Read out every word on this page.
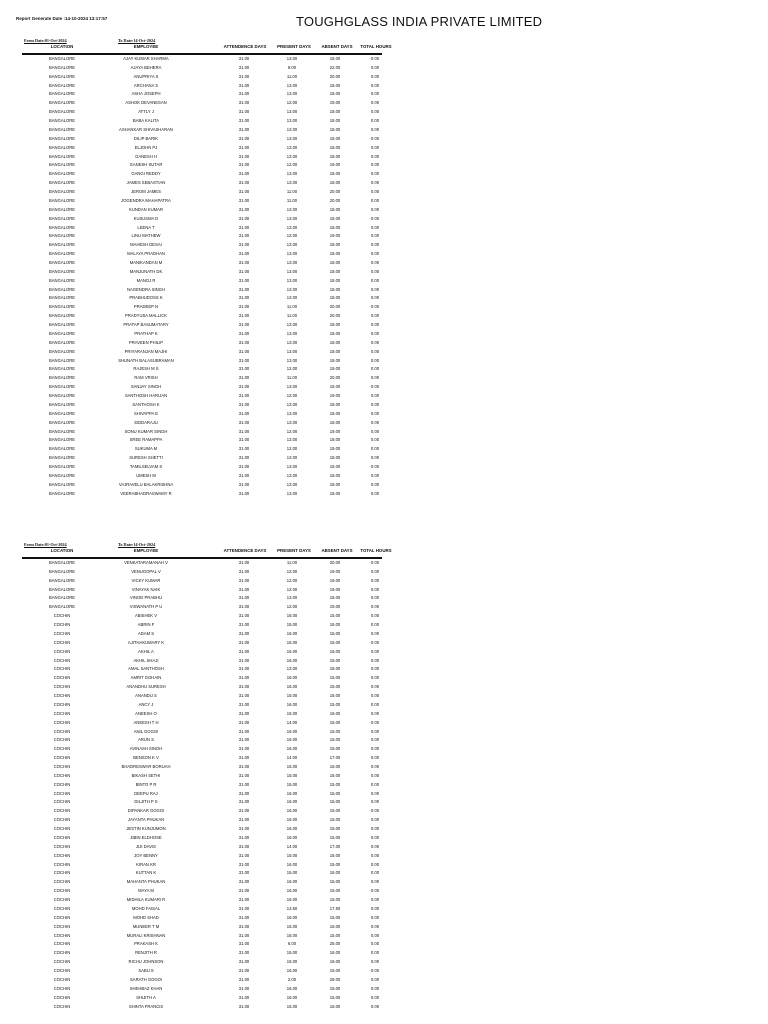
Report Generate Date :14-10-2024 13:17:57	TOUGHGLASS INDIA PRIVATE LIMITED
From Date:01-Oct-2024	To Date:14-Oct-2024
LOCATION	EMPLOYEE	ATTENDENCE DAYS	PRESENT DAYS	ABSENT DAYS	TOTAL HOURS
BANGALORE	AJAY KUMAR SHARMA	31.00	13.00	18.00	0.00
BANGALORE	AJAYA BEHERA	31.00	9.00	22.00	0.00
BANGALORE	ANUPRIYA S	31.00	11.00	20.00	0.00
BANGALORE	ARCHANA S	31.00	13.00	18.00	0.00
BANGALORE	ASHA JOSEPH	31.00	13.00	18.00	0.00
BANGALORE	ASHOK DEVANESAN	31.00	12.00	19.00	0.00
BANGALORE	ATTLY J	31.00	13.00	18.00	0.00
BANGALORE	BABA KALITA	31.00	13.00	18.00	0.00
BANGALORE	ASHANKAR SHIVASHARAN	31.00	13.00	18.00	0.00
BANGALORE	DILIP BARIK	31.00	13.00	18.00	0.00
BANGALORE	ELJOHN PJ	31.00	13.00	18.00	0.00
BANGALORE	GANESH H	31.00	13.00	18.00	0.00
BANGALORE	GANESH SUTAR	31.00	12.00	19.00	0.00
BANGALORE	GANGI REDDY	31.00	13.00	18.00	0.00
BANGALORE	JAMES SEBASTIAN	31.00	13.00	18.00	0.00
BANGALORE	JEROM JAMES	31.00	11.00	20.00	0.00
BANGALORE	JOGENDRA MAHAPATRA	31.00	11.00	20.00	0.00
BANGALORE	KUNDAN KUMAR	31.00	13.00	18.00	0.00
BANGALORE	KUSUSMA D	31.00	13.00	18.00	0.00
BANGALORE	LEENA T	31.00	13.00	18.00	0.00
BANGALORE	LINU MATHEW	31.00	12.00	19.00	0.00
BANGALORE	MAHESH DESAI	31.00	13.00	18.00	0.00
BANGALORE	MALAYA PRADHAN	31.00	13.00	18.00	0.00
BANGALORE	MANIKANDAN M	31.00	13.00	18.00	0.00
BANGALORE	MANJUNATH DK	31.00	13.00	18.00	0.00
BANGALORE	MANOJ R	31.00	13.00	18.00	0.00
BANGALORE	NAGENDRA SINGH	31.00	13.00	18.00	0.00
BANGALORE	PRABHUDOSS K	31.00	13.00	18.00	0.00
BANGALORE	PRADEEP N	31.00	11.00	20.00	0.00
BANGALORE	PRADYUSA MALLICK	31.00	11.00	20.00	0.00
BANGALORE	PRATAP BASUMATARY	31.00	13.00	18.00	0.00
BANGALORE	PRATHAP K	31.00	13.00	18.00	0.00
BANGALORE	PRAVEEN PHILIP	31.00	13.00	18.00	0.00
BANGALORE	PRIYARANJAN MAJHI	31.00	13.00	18.00	0.00
BANGALORE	SHUNATH BALASUBRAMAN	31.00	13.00	18.00	0.00
BANGALORE	RAJESH M S	31.00	12.00	19.00	0.00
BANGALORE	RAM VRISH	31.00	11.00	20.00	0.00
BANGALORE	SANJAY SINGH	31.00	13.00	18.00	0.00
BANGALORE	SANTHOSH HARIJAN	31.00	12.00	19.00	0.00
BANGALORE	SANTHOSH K	31.00	13.00	18.00	0.00
BANGALORE	SHIVAPPA E	31.00	13.00	18.00	0.00
BANGALORE	SIDDARAJU	31.00	13.00	18.00	0.00
BANGALORE	SONU KUMAR SINGH	31.00	12.00	19.00	0.00
BANGALORE	SREE RAMAPPA	31.00	13.00	18.00	0.00
BANGALORE	SUKUMA M	31.00	12.00	19.00	0.00
BANGALORE	SURESH SHETTI	31.00	13.00	18.00	0.00
BANGALORE	TAMILSELVAM S	31.00	13.00	18.00	0.00
BANGALORE	UMESH M	31.00	13.00	18.00	0.00
BANGALORE	VAJRAVELU BALAKRISHNA	31.00	13.00	18.00	0.00
BANGALORE	VEERABHADRASWAMY R	31.00	13.00	18.00	0.00
From Date:01-Oct-2024	To Date:14-Oct-2024
LOCATION	EMPLOYEE	ATTENDENCE DAYS	PRESENT DAYS	ABSENT DAYS	TOTAL HOURS
BANGALORE	VENKATARAMANAH V	31.00	11.00	20.00	0.00
BANGALORE	VENUGOPAL V	31.00	12.00	19.00	0.00
BANGALORE	VICKY KUMAR	31.00	12.00	19.00	0.00
BANGALORE	VINAYAK NAIK	31.00	12.00	19.00	0.00
BANGALORE	VINOD PRABHU	31.00	13.00	18.00	0.00
BANGALORE	VISWANATH P U	31.00	12.00	19.00	0.00
COCHIN	ABISHEK V	31.00	16.00	15.00	0.00
COCHIN	ABRIN F	31.00	15.00	16.00	0.00
COCHIN	ADAM S	31.00	16.00	15.00	0.00
COCHIN	AJITHAKUMARY K	31.00	15.00	16.00	0.00
COCHIN	AKHIL A	31.00	15.00	16.00	0.00
COCHIN	AKHIL SHAJI	31.00	16.00	15.00	0.00
COCHIN	AMAL SANTHOSH	31.00	13.00	18.00	0.00
COCHIN	AMRIT GOHAIN	31.00	16.00	15.00	0.00
COCHIN	ANANDHU SURESH	31.00	16.00	15.00	0.00
COCHIN	ANANDU S	31.00	15.00	16.00	0.00
COCHIN	ANCY J	31.00	16.00	15.00	0.00
COCHIN	ANEESH O	31.00	15.00	16.00	0.00
COCHIN	ANEESH T H	31.00	14.00	16.00	0.00
COCHIN	ANIL GOGOI	31.00	16.00	15.00	0.00
COCHIN	ARUN S	31.00	16.00	15.00	0.00
COCHIN	AVINASH SINGH	31.00	16.00	15.00	0.00
COCHIN	BENSON K V	31.00	14.00	17.00	0.00
COCHIN	BHADRESWAR BORUAH	31.00	15.00	16.00	0.00
COCHIN	BIKASH SETHI	31.00	15.00	16.00	0.00
COCHIN	BINTO P R	31.00	15.00	15.00	0.00
COCHIN	DEEPU RAJ	31.00	16.00	15.00	0.00
COCHIN	DILJITH P S	31.00	16.00	15.00	0.00
COCHIN	DIPANKAR GOGOI	31.00	16.00	15.00	0.00
COCHIN	JAYANTA PHUKAN	31.00	16.00	15.00	0.00
COCHIN	JESTIN KUNJUMON	31.00	16.00	15.00	0.00
COCHIN	JIBIN ELDHOSE	31.00	16.00	15.00	0.00
COCHIN	JIJI DAVIS	31.00	14.00	17.00	0.00
COCHIN	JOY BENNY	31.00	15.00	16.00	0.00
COCHIN	KIRAN KR	31.00	16.00	15.00	0.00
COCHIN	KUTTAN K	31.00	15.00	16.00	0.00
COCHIN	MAHANTA PHUKAN	31.00	16.00	15.00	0.00
COCHIN	MAYA M	31.00	16.00	15.00	0.00
COCHIN	MIDHILA KUMARI R	31.00	16.00	15.00	0.00
COCHIN	MOHD FAISAL	31.00	13.50	17.50	0.00
COCHIN	MOHD SHAD	31.00	16.00	15.00	0.00
COCHIN	MUNEER T M	31.00	15.00	16.00	0.00
COCHIN	MURALI KRISHNAN	31.00	16.00	15.00	0.00
COCHIN	PRAKASH K	31.00	6.00	25.00	0.00
COCHIN	RENJITH R	31.00	15.00	16.00	0.00
COCHIN	RICHU JOHNSON	31.00	15.00	16.00	0.00
COCHIN	SABU S	31.00	16.00	15.00	0.00
COCHIN	SARATH GOGOI	31.00	2.00	29.00	0.00
COCHIN	SHEHBAZ KHAN	31.00	16.00	15.00	0.00
COCHIN	SHIJITH A	31.00	16.00	15.00	0.00
COCHIN	SHINTA FRANCIS	31.00	15.00	16.00	0.00
